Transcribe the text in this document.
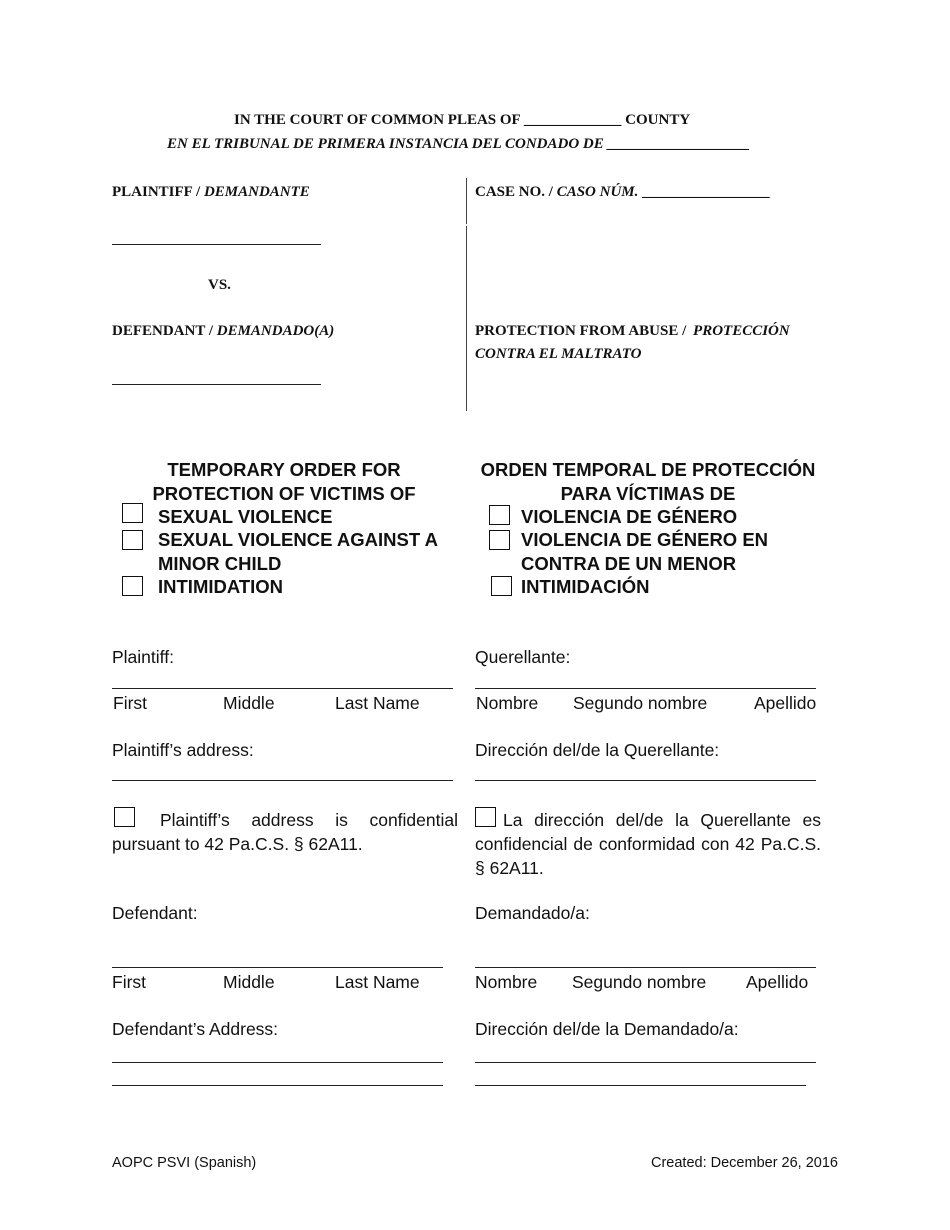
IN THE COURT OF COMMON PLEAS OF _____________ COUNTY
EN EL TRIBUNAL DE PRIMERA INSTANCIA DEL CONDADO DE ___________________
PLAINTIFF / DEMANDANTE
VS.
DEFENDANT / DEMANDADO(A)
CASE NO. / CASO NÚM. _________________
PROTECTION FROM ABUSE / PROTECCIÓN
CONTRA EL MALTRATO
TEMPORARY ORDER FOR
PROTECTION OF VICTIMS OF
SEXUAL VIOLENCE
SEXUAL VIOLENCE AGAINST A
MINOR CHILD
INTIMIDATION
ORDEN TEMPORAL DE PROTECCIÓN
PARA VÍCTIMAS DE
VIOLENCIA DE GÉNERO
VIOLENCIA DE GÉNERO EN
CONTRA DE UN MENOR
INTIMIDACIÓN
Plaintiff:	Querellante:
First	Middle	Last Name	Nombre Segundo nombre	Apellido
Plaintiff’s address:	Dirección del/de la Querellante:
Plaintiff’s address is confidential pursuant to 42 Pa.C.S. § 62A11.
La dirección del/de la Querellante es confidencial de conformidad con 42 Pa.C.S. § 62A11.
Defendant:	Demandado/a:
First	Middle	Last Name	Nombre Segundo nombre Apellido
Defendant’s Address:	Dirección del/de la Demandado/a:
AOPC PSVI (Spanish)	Created: December 26, 2016
